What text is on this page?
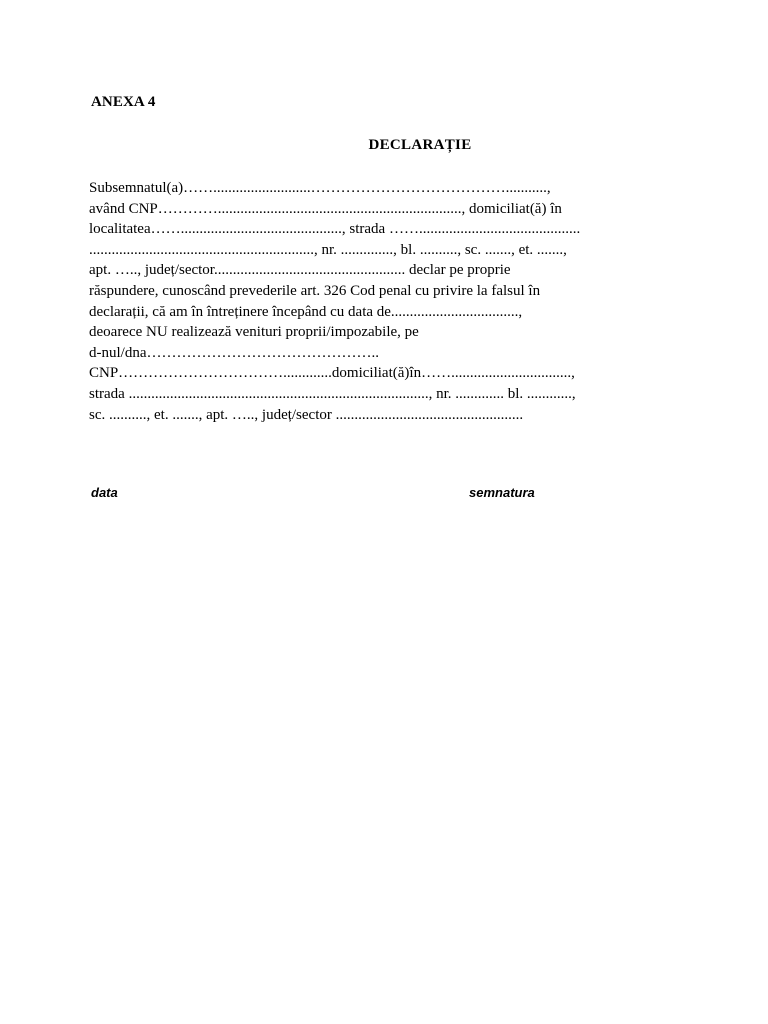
ANEXA 4
DECLARAȚIE
Subsemnatul(a)……..........................…………………………………...........,
având CNP…………................................................................., domiciliat(ă) în
localitatea……..........................................., strada ……...........................................
............................................................, nr. .............., bl. .........., sc. ......., et. .......,
apt. ….., județ/sector................................................... declar pe proprie
răspundere, cunoscând prevederile art. 326 Cod penal cu privire la falsul în
declarații, că am în întreținere începând cu data de..................................,
deoarece NU realizează venituri proprii/impozabile, pe
d-nul/dna………………………………………..
CNP…………………………….............domiciliat(ă)în……................................,
strada ................................................................................, nr. ............. bl. ............,
sc. .........., et. ......., apt. ….., județ/sector ..................................................
data	semnatura
